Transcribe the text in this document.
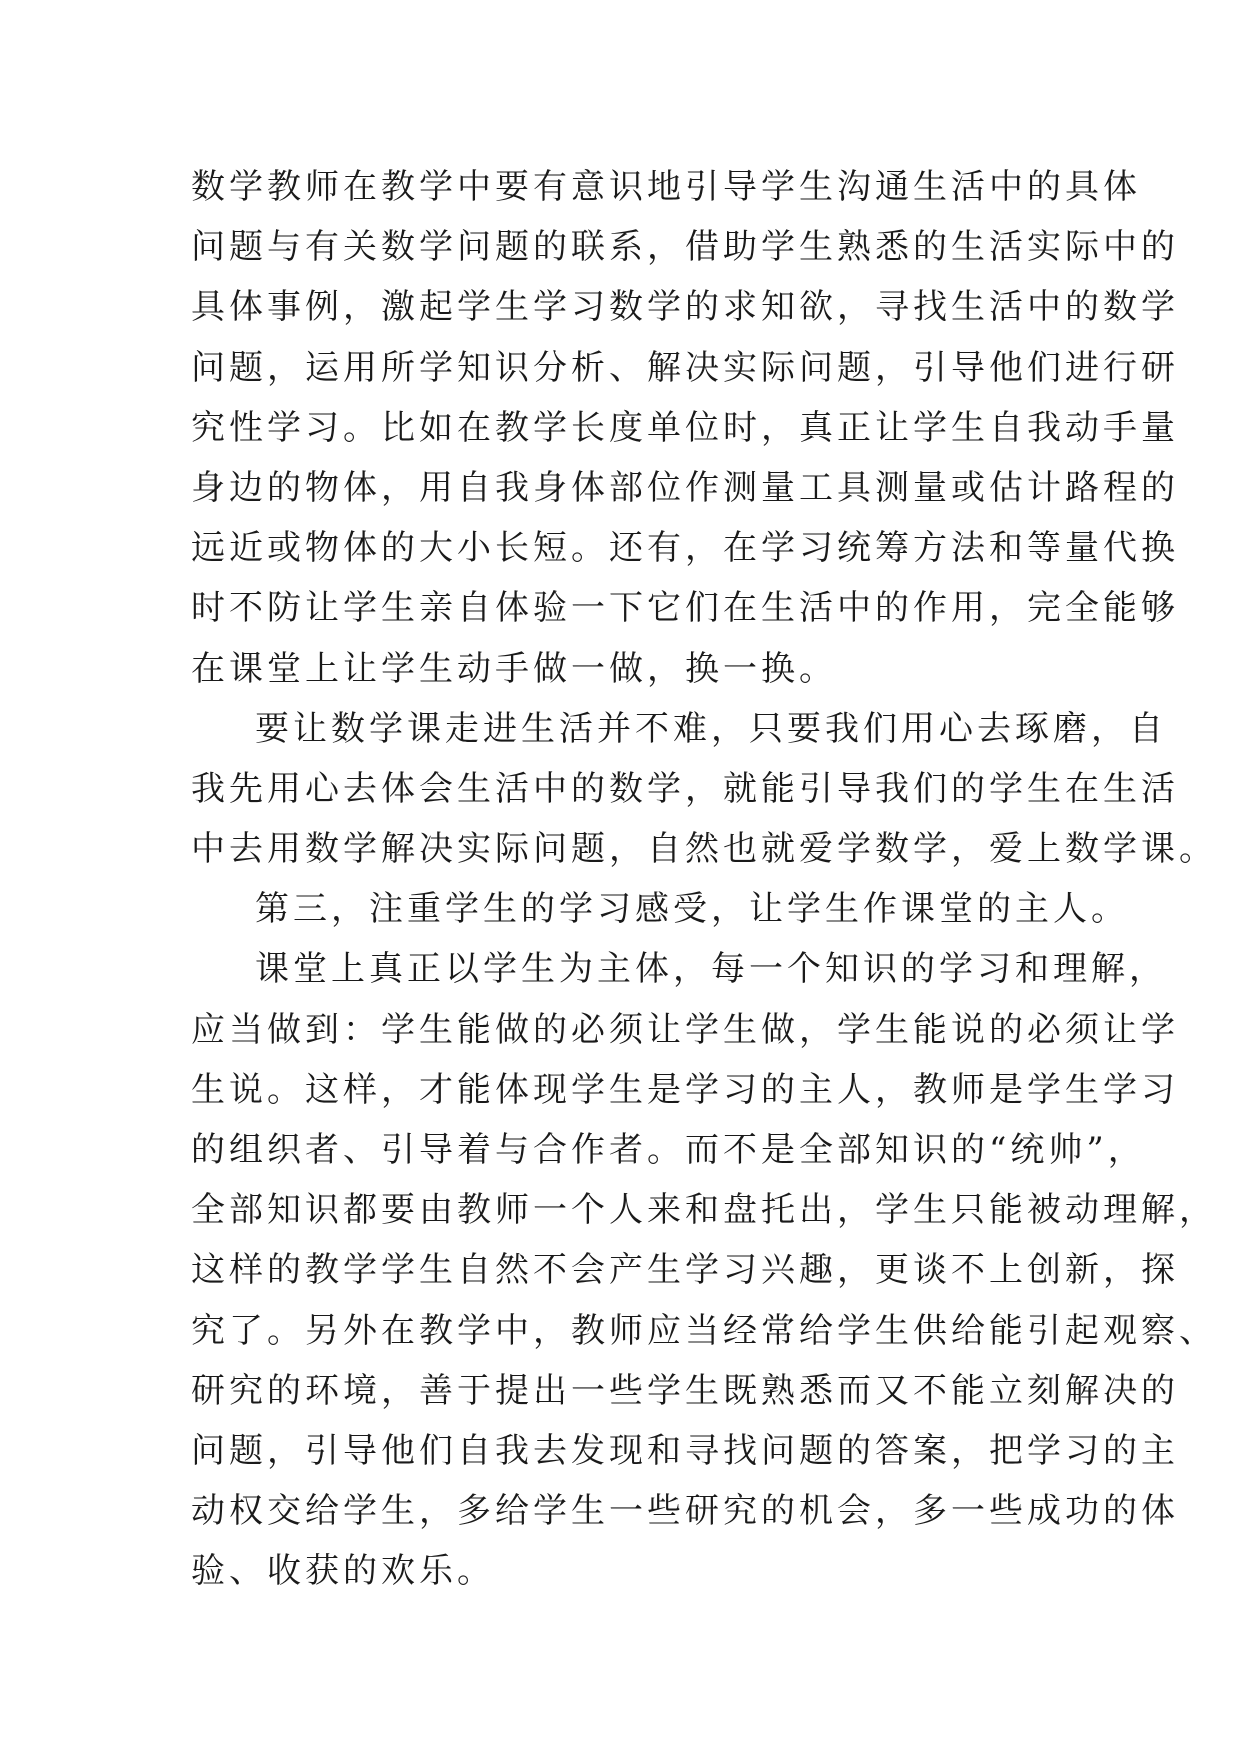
数学教师在教学中要有意识地引导学生沟通生活中的具体
问题与有关数学问题的联系，借助学生熟悉的生活实际中的
具体事例，激起学生学习数学的求知欲，寻找生活中的数学
问题，运用所学知识分析、解决实际问题，引导他们进行研
究性学习。比如在教学长度单位时，真正让学生自我动手量
身边的物体，用自我身体部位作测量工具测量或估计路程的
远近或物体的大小长短。还有，在学习统筹方法和等量代换
时不防让学生亲自体验一下它们在生活中的作用，完全能够
在课堂上让学生动手做一做，换一换。
要让数学课走进生活并不难，只要我们用心去琢磨，自
我先用心去体会生活中的数学，就能引导我们的学生在生活
中去用数学解决实际问题，自然也就爱学数学，爱上数学课。
第三，注重学生的学习感受，让学生作课堂的主人。
课堂上真正以学生为主体，每一个知识的学习和理解，
应当做到：学生能做的必须让学生做，学生能说的必须让学
生说。这样，才能体现学生是学习的主人，教师是学生学习
的组织者、引导着与合作者。而不是全部知识的“统帅”，
全部知识都要由教师一个人来和盘托出，学生只能被动理解，
这样的教学学生自然不会产生学习兴趣，更谈不上创新，探
究了。另外在教学中，教师应当经常给学生供给能引起观察、
研究的环境，善于提出一些学生既熟悉而又不能立刻解决的
问题，引导他们自我去发现和寻找问题的答案，把学习的主
动权交给学生，多给学生一些研究的机会，多一些成功的体
验、收获的欢乐。
